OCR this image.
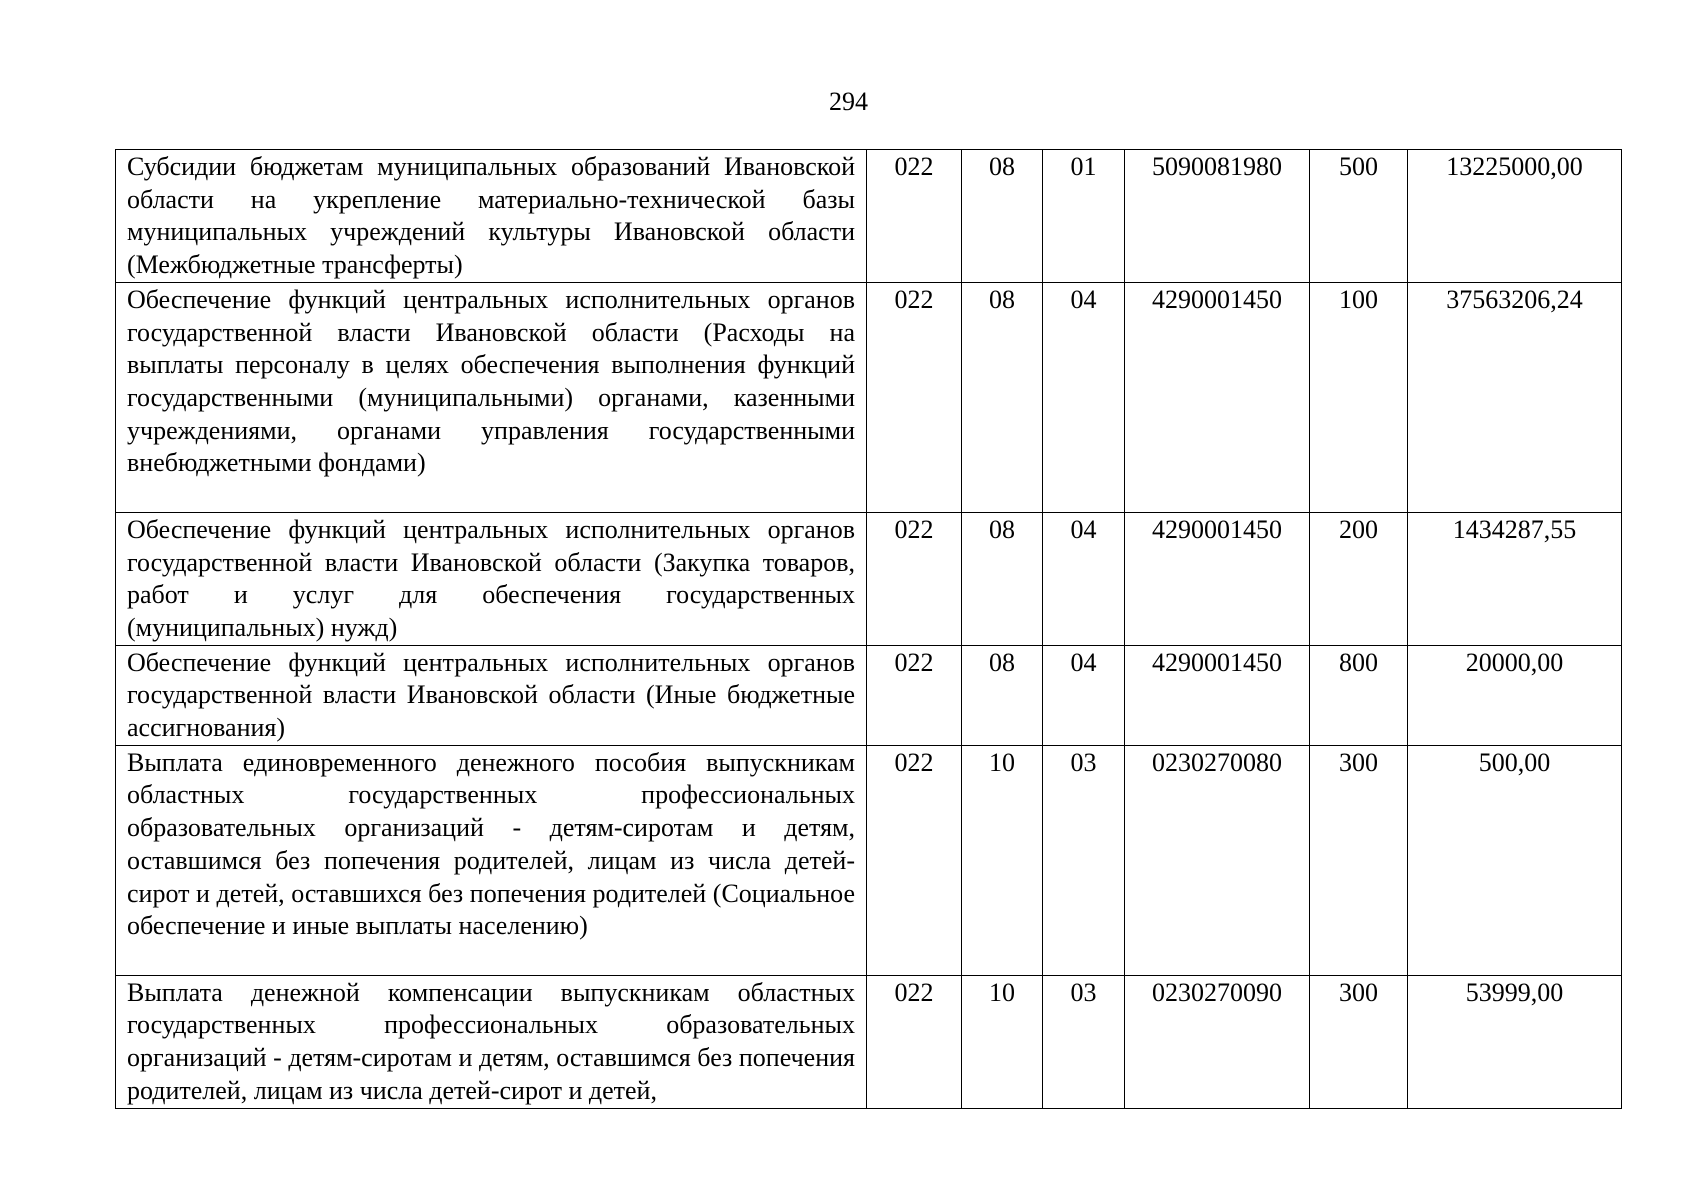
294
Субсидии бюджетам муниципальных образований Ивановской области на укрепление материально-технической базы муниципальных учреждений культуры Ивановской области (Межбюджетные трансферты)	022	08	01	5090081980	500	13225000,00
Обеспечение функций центральных исполнительных органов государственной власти Ивановской области (Расходы на выплаты персоналу в целях обеспечения выполнения функций государственными (муниципальными) органами, казенными учреждениями, органами управления государственными внебюджетными фондами)	022	08	04	4290001450	100	37563206,24
Обеспечение функций центральных исполнительных органов государственной власти Ивановской области (Закупка товаров, работ и услуг для обеспечения государственных (муниципальных) нужд)	022	08	04	4290001450	200	1434287,55
Обеспечение функций центральных исполнительных органов государственной власти Ивановской области (Иные бюджетные ассигнования)	022	08	04	4290001450	800	20000,00
Выплата единовременного денежного пособия выпускникам областных государственных профессиональных образовательных организаций - детям-сиротам и детям, оставшимся без попечения родителей, лицам из числа детей-сирот и детей, оставшихся без попечения родителей (Социальное обеспечение и иные выплаты населению)	022	10	03	0230270080	300	500,00
Выплата денежной компенсации выпускникам областных государственных профессиональных образовательных организаций - детям-сиротам и детям, оставшимся без попечения родителей, лицам из числа детей-сирот и детей,	022	10	03	0230270090	300	53999,00
